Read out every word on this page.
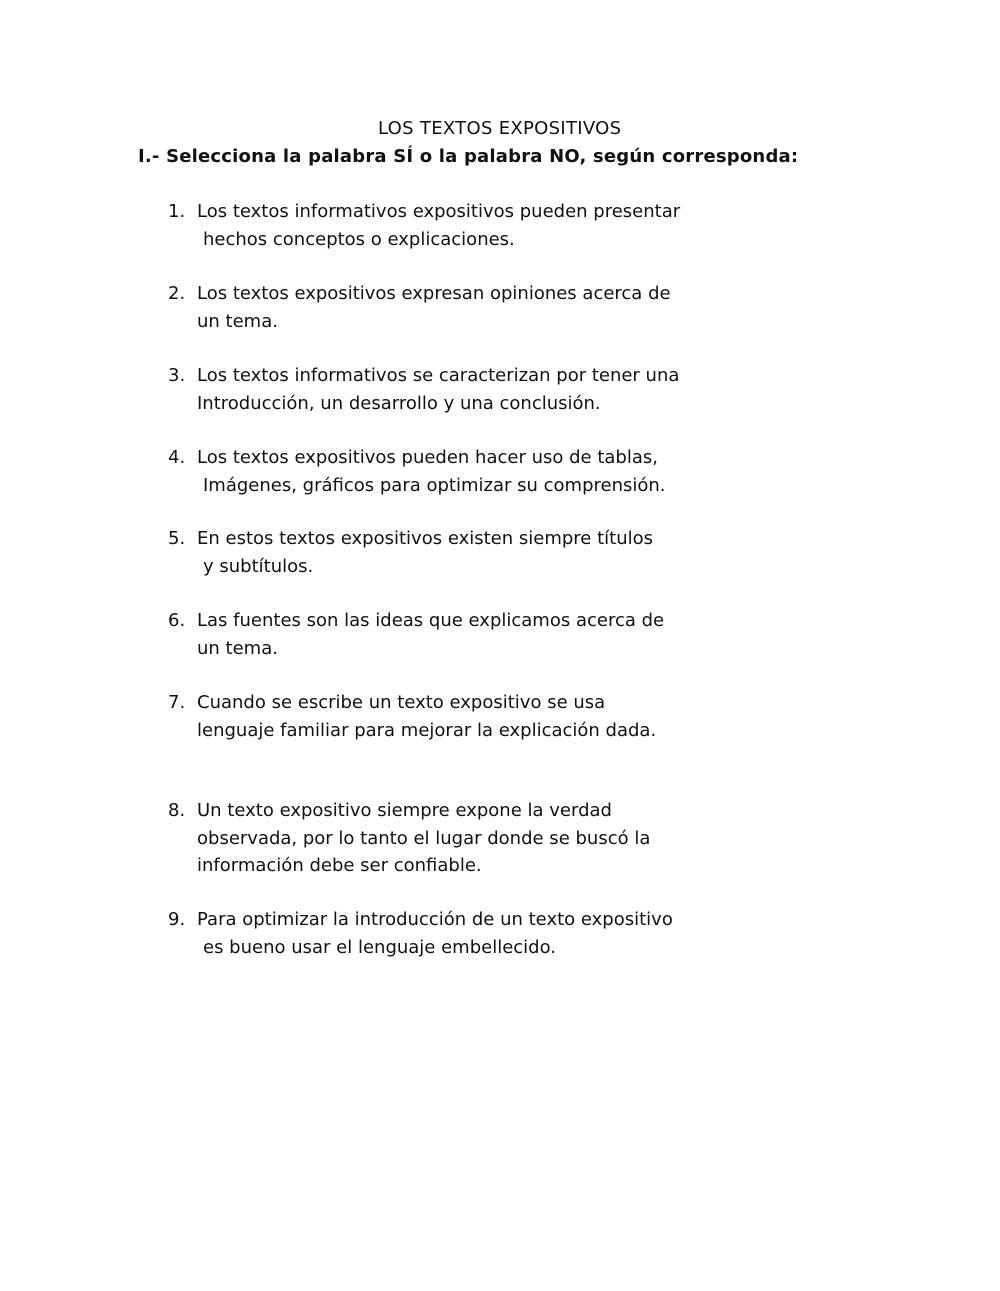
LOS TEXTOS EXPOSITIVOS
I.- Selecciona la palabra SÍ o la palabra NO, según corresponda:
1. Los textos informativos expositivos pueden presentar
hechos conceptos o explicaciones.
2. Los textos expositivos expresan opiniones acerca de
un tema.
3. Los textos informativos se caracterizan por tener una
Introducción, un desarrollo y una conclusión.
4. Los textos expositivos pueden hacer uso de tablas,
Imágenes, gráficos para optimizar su comprensión.
5. En estos textos expositivos existen siempre títulos
y subtítulos.
6. Las fuentes son las ideas que explicamos acerca de
un tema.
7. Cuando se escribe un texto expositivo se usa
lenguaje familiar para mejorar la explicación dada.
8. Un texto expositivo siempre expone la verdad
observada, por lo tanto el lugar donde se buscó la
información debe ser confiable.
9. Para optimizar la introducción de un texto expositivo
es bueno usar el lenguaje embellecido.
